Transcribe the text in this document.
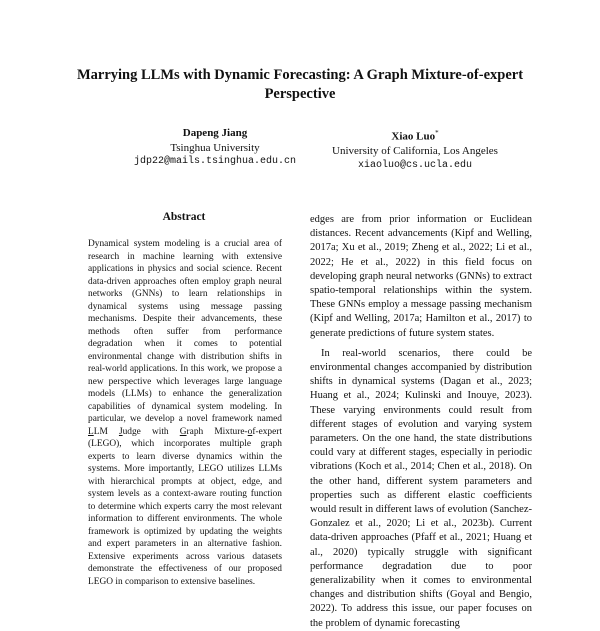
Marrying LLMs with Dynamic Forecasting: A Graph Mixture-of-expert Perspective
Dapeng Jiang
Tsinghua University
jdp22@mails.tsinghua.edu.cn
Xiao Luo*
University of California, Los Angeles
xiaoluo@cs.ucla.edu
Abstract
Dynamical system modeling is a crucial area of research in machine learning with extensive applications in physics and social science. Recent data-driven approaches often employ graph neural networks (GNNs) to learn relationships in dynamical systems using message passing mechanisms. Despite their advancements, these methods often suffer from performance degradation when it comes to potential environmental change with distribution shifts in real-world applications. In this work, we propose a new perspective which leverages large language models (LLMs) to enhance the generalization capabilities of dynamical system modeling. In particular, we develop a novel framework named LLM Judge with Graph Mixture-of-expert (LEGO), which incorporates multiple graph experts to learn diverse dynamics within the systems. More importantly, LEGO utilizes LLMs with hierarchical prompts at object, edge, and system levels as a context-aware routing function to determine which experts carry the most relevant information to different environments. The whole framework is optimized by updating the weights and expert parameters in an alternative fashion. Extensive experiments across various datasets demonstrate the effectiveness of our proposed LEGO in comparison to extensive baselines.

edges are from prior information or Euclidean distances. Recent advancements (Kipf and Welling, 2017a; Xu et al., 2019; Zheng et al., 2022; Li et al., 2022; He et al., 2022) in this field focus on developing graph neural networks (GNNs) to extract spatio-temporal relationships within the system. These GNNs employ a message passing mechanism (Kipf and Welling, 2017a; Hamilton et al., 2017) to generate predictions of future system states.

In real-world scenarios, there could be environmental changes accompanied by distribution shifts in dynamical systems (Dagan et al., 2023; Huang et al., 2024; Kulinski and Inouye, 2023). These varying environments could result from different stages of evolution and varying system parameters. On the one hand, the state distributions could vary at different stages, especially in periodic vibrations (Koch et al., 2014; Chen et al., 2018). On the other hand, different system parameters and properties such as different elastic coefficients would result in different laws of evolution (Sanchez-Gonzalez et al., 2020; Li et al., 2023b). Current data-driven approaches (Pfaff et al., 2021; Huang et al., 2020) typically struggle with significant performance degradation due to poor generalizability when it comes to environmental changes and distribution shifts (Goyal and Bengio, 2022). To address this issue, our paper focuses on the problem of dynamic forecasting
